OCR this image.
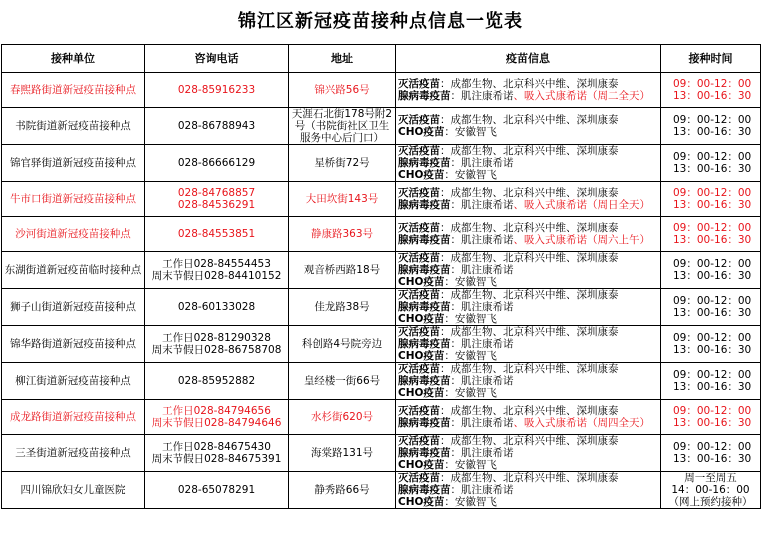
锦江区新冠疫苗接种点信息一览表
接种单位	咨询电话	地址	疫苗信息	接种时间
春熙路街道新冠疫苗接种点	028-85916233	锦兴路56号	灭活疫苗：成都生物、北京科兴中维、深圳康泰
腺病毒疫苗：肌注康希诺、吸入式康希诺（周二全天）	09：00-12：00
13：00-16：30

书院街道新冠疫苗接种点	028-86788943	天涯石北街178号附2号（书院街社区卫生服务中心后门口）	灭活疫苗：成都生物、北京科兴中维、深圳康泰
CHO疫苗：安徽智飞	09：00-12：00
13：00-16：30

锦官驿街道新冠疫苗接种点	028-86666129	星桥街72号	灭活疫苗：成都生物、北京科兴中维、深圳康泰
腺病毒疫苗：肌注康希诺
CHO疫苗：安徽智飞	09：00-12：00
13：00-16：30

牛市口街道新冠疫苗接种点	028-84768857
028-84536291	大田坎街143号	灭活疫苗：成都生物、北京科兴中维、深圳康泰
腺病毒疫苗：肌注康希诺、吸入式康希诺（周日全天）	09：00-12：00
13：00-16：30

沙河街道新冠疫苗接种点	028-84553851	静康路363号	灭活疫苗：成都生物、北京科兴中维、深圳康泰
腺病毒疫苗：肌注康希诺、吸入式康希诺（周六上午）	09：00-12：00
13：00-16：30

东湖街道新冠疫苗临时接种点	工作日028-84554453
周末节假日028-84410152	观音桥西路18号	灭活疫苗：成都生物、北京科兴中维、深圳康泰
腺病毒疫苗：肌注康希诺
CHO疫苗：安徽智飞	09：00-12：00
13：00-16：30

狮子山街道新冠疫苗接种点	028-60133028	佳龙路38号	灭活疫苗：成都生物、北京科兴中维、深圳康泰
腺病毒疫苗：肌注康希诺
CHO疫苗：安徽智飞	09：00-12：00
13：00-16：30

锦华路街道新冠疫苗接种点	工作日028-81290328
周末节假日028-86758708	科创路4号院旁边	灭活疫苗：成都生物、北京科兴中维、深圳康泰
腺病毒疫苗：肌注康希诺
CHO疫苗：安徽智飞	09：00-12：00
13：00-16：30

柳江街道新冠疫苗接种点	028-85952882	皇经楼一街66号	灭活疫苗：成都生物、北京科兴中维、深圳康泰
腺病毒疫苗：肌注康希诺
CHO疫苗：安徽智飞	09：00-12：00
13：00-16：30

成龙路街道新冠疫苗接种点	工作日028-84794656
周末节假日028-84794646	水杉街620号	灭活疫苗：成都生物、北京科兴中维、深圳康泰
腺病毒疫苗：肌注康希诺、吸入式康希诺（周四全天）	09：00-12：00
13：00-16：30

三圣街道新冠疫苗接种点	工作日028-84675430
周末节假日028-84675391	海棠路131号	灭活疫苗：成都生物、北京科兴中维、深圳康泰
腺病毒疫苗：肌注康希诺
CHO疫苗：安徽智飞	09：00-12：00
13：00-16：30

四川锦欣妇女儿童医院	028-65078291	静秀路66号	灭活疫苗：成都生物、北京科兴中维、深圳康泰
腺病毒疫苗：肌注康希诺
CHO疫苗：安徽智飞	周一至周五
14：00-16：00
（网上预约接种）
